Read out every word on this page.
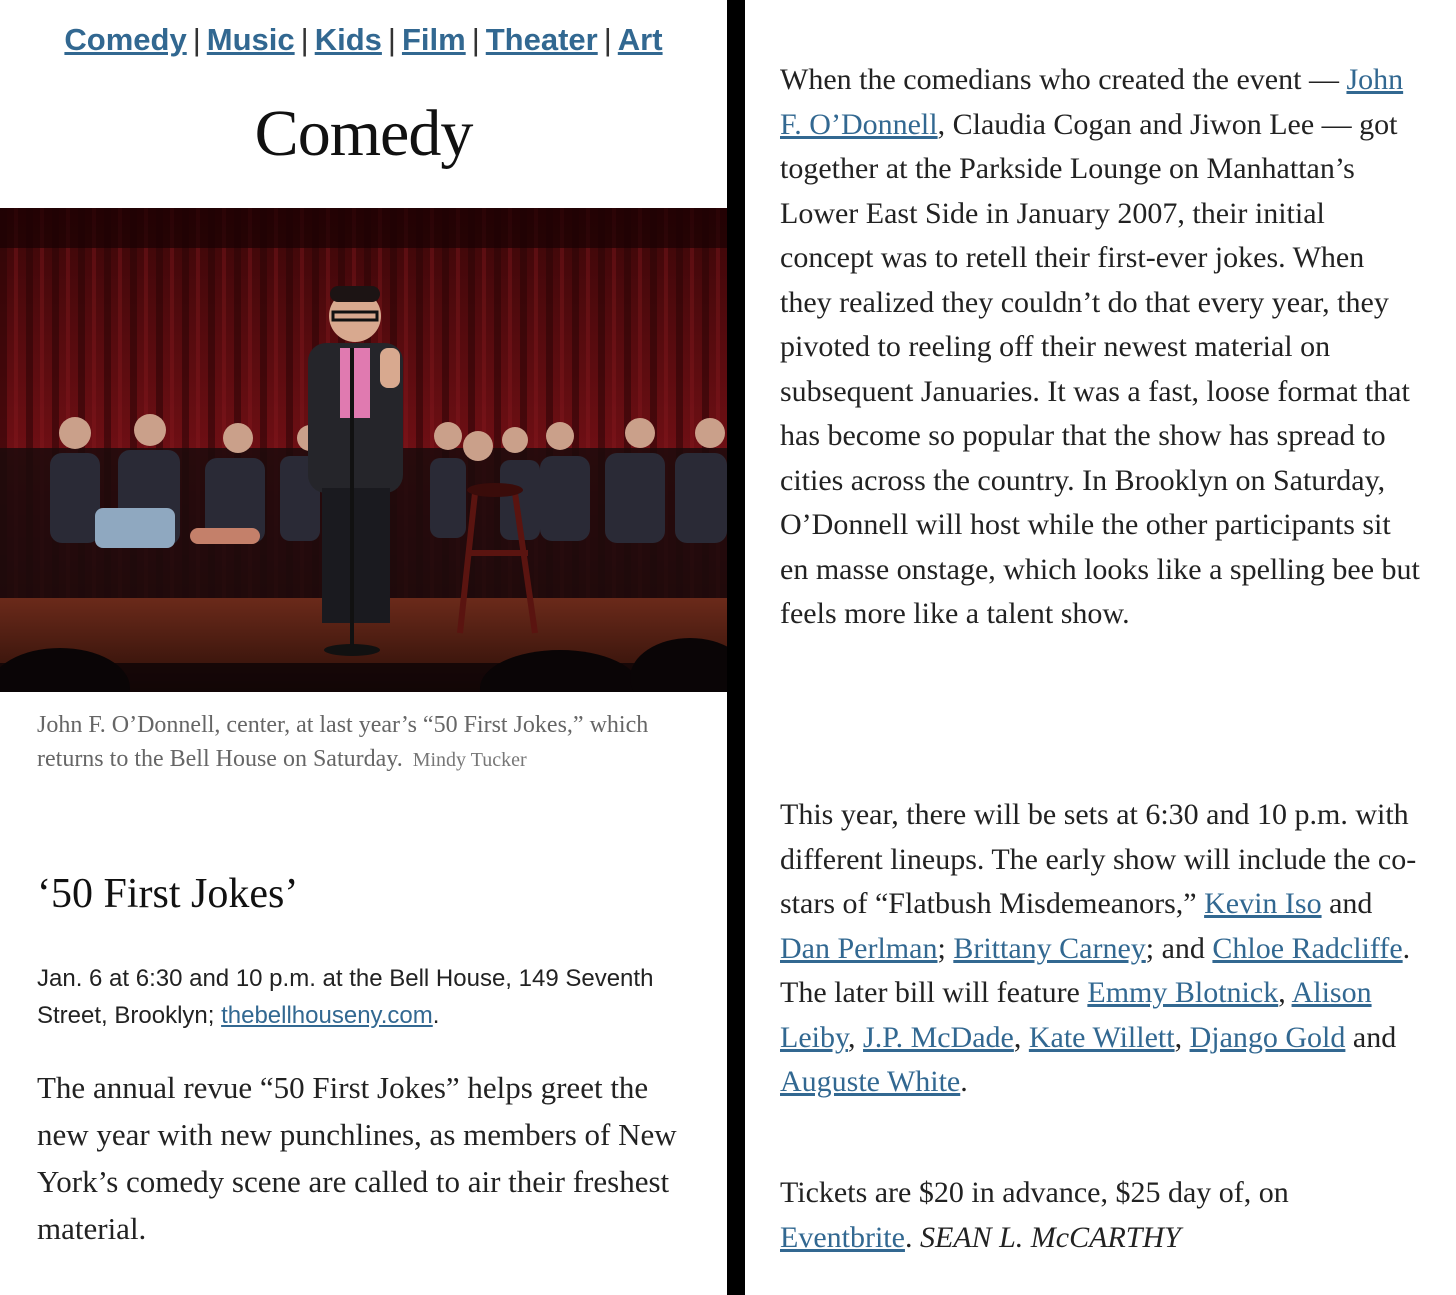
Comedy | Music | Kids | Film | Theater | Art
Comedy
John F. O’Donnell, center, at last year’s “50 First Jokes,” which returns to the Bell House on Saturday. Mindy Tucker
‘50 First Jokes’
Jan. 6 at 6:30 and 10 p.m. at the Bell House, 149 Seventh Street, Brooklyn; thebellhouseny.com.
The annual revue “50 First Jokes” helps greet the new year with new punchlines, as members of New York’s comedy scene are called to air their freshest material.
When the comedians who created the event — John F. O’Donnell, Claudia Cogan and Jiwon Lee — got together at the Parkside Lounge on Manhattan’s Lower East Side in January 2007, their initial concept was to retell their first-ever jokes. When they realized they couldn’t do that every year, they pivoted to reeling off their newest material on subsequent Januaries. It was a fast, loose format that has become so popular that the show has spread to cities across the country. In Brooklyn on Saturday, O’Donnell will host while the other participants sit en masse onstage, which looks like a spelling bee but feels more like a talent show.
This year, there will be sets at 6:30 and 10 p.m. with different lineups. The early show will include the co-stars of “Flatbush Misdemeanors,” Kevin Iso and Dan Perlman; Brittany Carney; and Chloe Radcliffe. The later bill will feature Emmy Blotnick, Alison Leiby, J.P. McDade, Kate Willett, Django Gold and Auguste White.
Tickets are $20 in advance, $25 day of, on Eventbrite. SEAN L. McCARTHY
